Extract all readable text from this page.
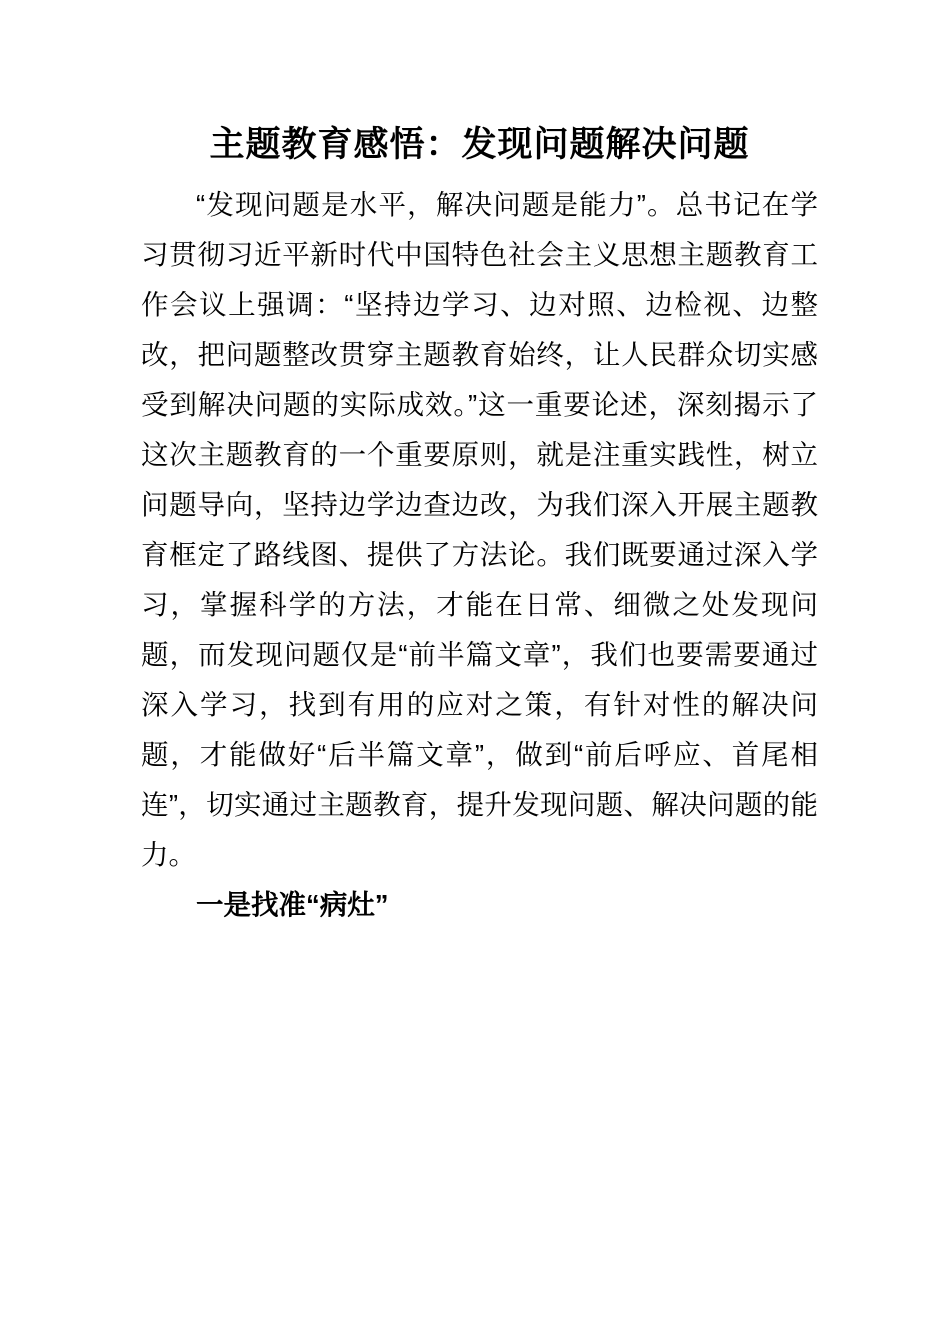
主题教育感悟：发现问题解决问题

“发现问题是水平，解决问题是能力”。总书记在学习贯彻习近平新时代中国特色社会主义思想主题教育工作会议上强调：“坚持边学习、边对照、边检视、边整改，把问题整改贯穿主题教育始终，让人民群众切实感受到解决问题的实际成效。”这一重要论述，深刻揭示了这次主题教育的一个重要原则，就是注重实践性，树立问题导向，坚持边学边查边改，为我们深入开展主题教育框定了路线图、提供了方法论。我们既要通过深入学习，掌握科学的方法，才能在日常、细微之处发现问题，而发现问题仅是“前半篇文章”，我们也要需要通过深入学习，找到有用的应对之策，有针对性的解决问题，才能做好“后半篇文章”，做到“前后呼应、首尾相连”，切实通过主题教育，提升发现问题、解决问题的能力。

一是找准“病灶”
